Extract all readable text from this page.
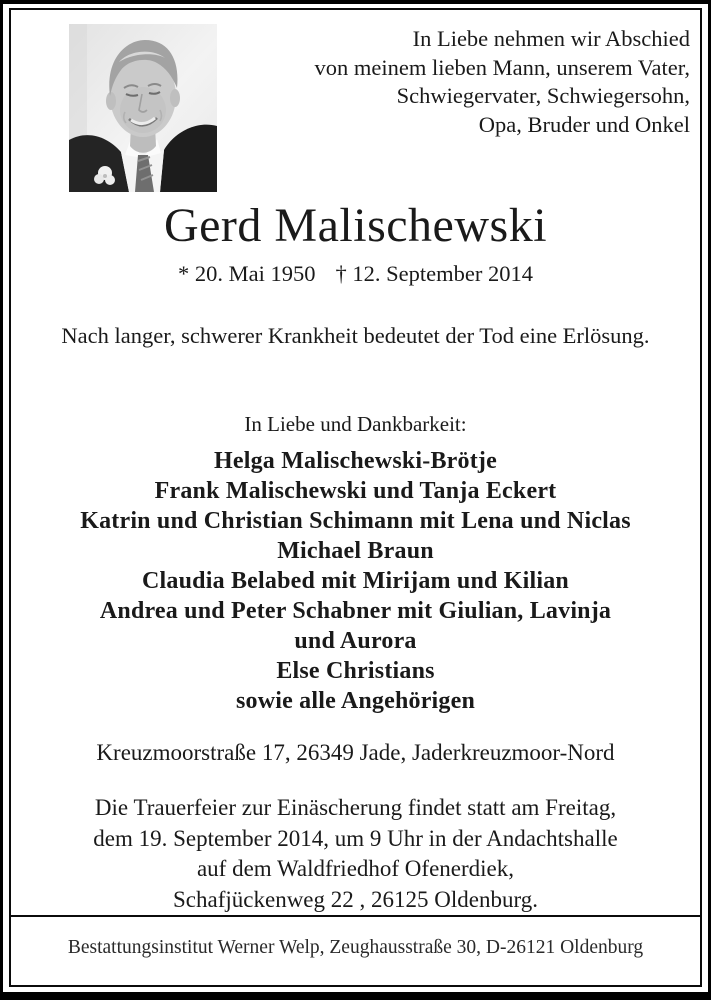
In Liebe nehmen wir Abschied
von meinem lieben Mann, unserem Vater,
Schwiegervater, Schwiegersohn,
Opa, Bruder und Onkel
Gerd Malischewski
* 20. Mai 1950 † 12. September 2014

Nach langer, schwerer Krankheit bedeutet der Tod eine Erlösung.

In Liebe und Dankbarkeit:

Helga Malischewski-Brötje
Frank Malischewski und Tanja Eckert
Katrin und Christian Schimann mit Lena und Niclas
Michael Braun
Claudia Belabed mit Mirijam und Kilian
Andrea und Peter Schabner mit Giulian, Lavinja
und Aurora
Else Christians
sowie alle Angehörigen

Kreuzmoorstraße 17, 26349 Jade, Jaderkreuzmoor-Nord

Die Trauerfeier zur Einäscherung findet statt am Freitag,
dem 19. September 2014, um 9 Uhr in der Andachtshalle
auf dem Waldfriedhof Ofenerdiek,
Schafjückenweg 22 , 26125 Oldenburg.

Bestattungsinstitut Werner Welp, Zeughausstraße 30, D-26121 Oldenburg
